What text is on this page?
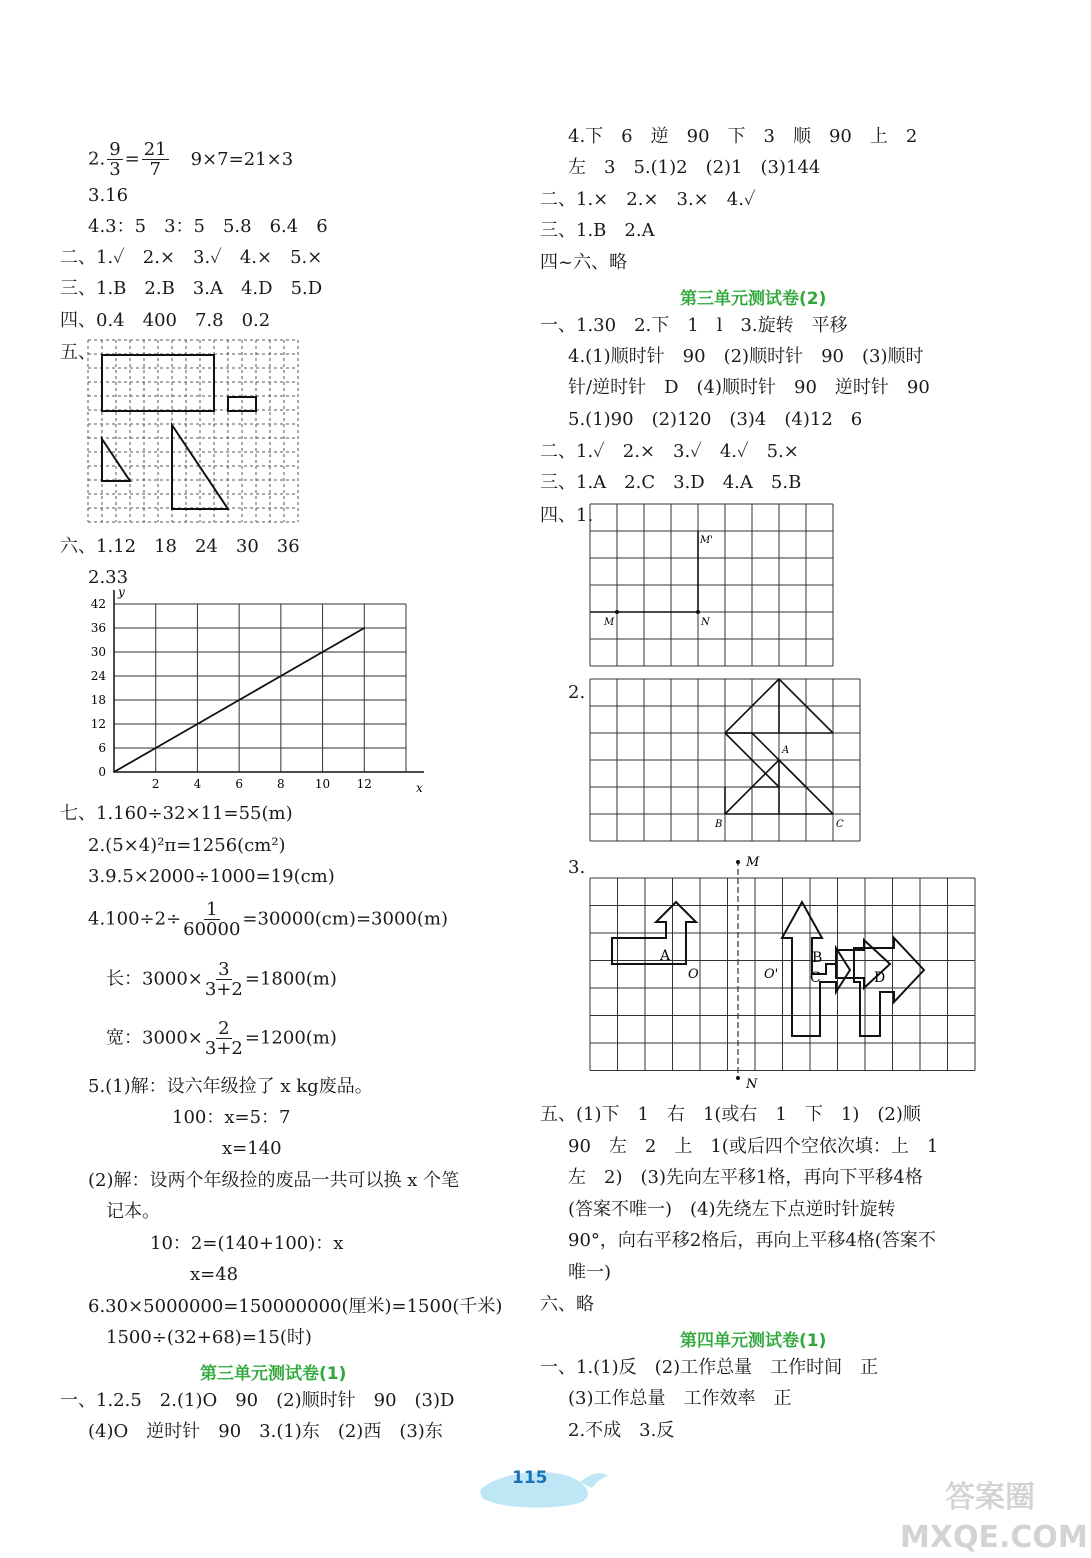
2. $\frac{9}{3} = \frac{21}{7} 9\times 7=21\times 3$
3.16
4.3：5　3：5　5.8　6.4　6
二、1.✓　2.×　3.✓　4.×　5.×
三、1.B　2.B　3.A　4.D　5.D
四、0.4　400　7.8　0.2
五、
六、1.12　18　24　30　36
2.33
2	4	6	8	10 12
0
6
12
18
24
30
36
42
x
y
七、1.160÷32×11=55(m)
2.(5×4)²π=1256(cm²)
3.9.5×2000÷1000=19(cm)
$4.100\div 2\div \frac{1}{60000} =30000(cm)=3000(m)$
长：$3000\times \frac{3}{3+2} =1800(m)$
宽：$3000\times \frac{2}{3+2} =1200(m)$
5.(1)解：设六年级捡了 x kg废品。
100：x=5：7
x=140
(2)解：设两个年级捡的废品一共可以换 x 个笔
记本。
10：2=(140+100)：x
x=48
6.30×5000000=150000000(厘米)=1500(千米)
1500÷(32+68)=15(时)
第三单元测试卷(1)
一、1.2.5　2.(1)O　90　(2)顺时针　90　(3)D
(4)O　逆时针　90　3.(1)东　(2)西　(3)东
4.下　6　逆　90　下　3　顺　90　上　2
左　3　5.(1)2　(2)1　(3)144
二、1.×　2.×　3.×　4.✓
三、1.B　2.A
四~六、略
第三单元测试卷(2)
一、1.30　2.下　1　l　3.旋转　平移
4.(1)顺时针　90　(2)顺时针　90　(3)顺时
针/逆时针　D　(4)顺时针　90　逆时针　90
5.(1)90　(2)120　(3)4　(4)12　6
二、1.✓　2.×　3.✓　4.✓　5.×
三、1.A　2.C　3.D　4.A　5.B
四、1.
M'
M	N
2.
A
B	C
3.	M
N
A
O	O'
B
C	D
五、(1)下　1　右　1(或右　1　下　1)　(2)顺
90　左　2　上　1(或后四个空依次填：上　1
左　2)　(3)先向左平移1格，再向下平移4格
(答案不唯一)　(4)先绕左下点逆时针旋转
90°，向右平移2格后，再向上平移4格(答案不
唯一)
六、略
第四单元测试卷(1)
一、1.(1)反　(2)工作总量　工作时间　正
(3)工作总量　工作效率　正
2.不成　3.反
115

答案圈 MXQE.COM
